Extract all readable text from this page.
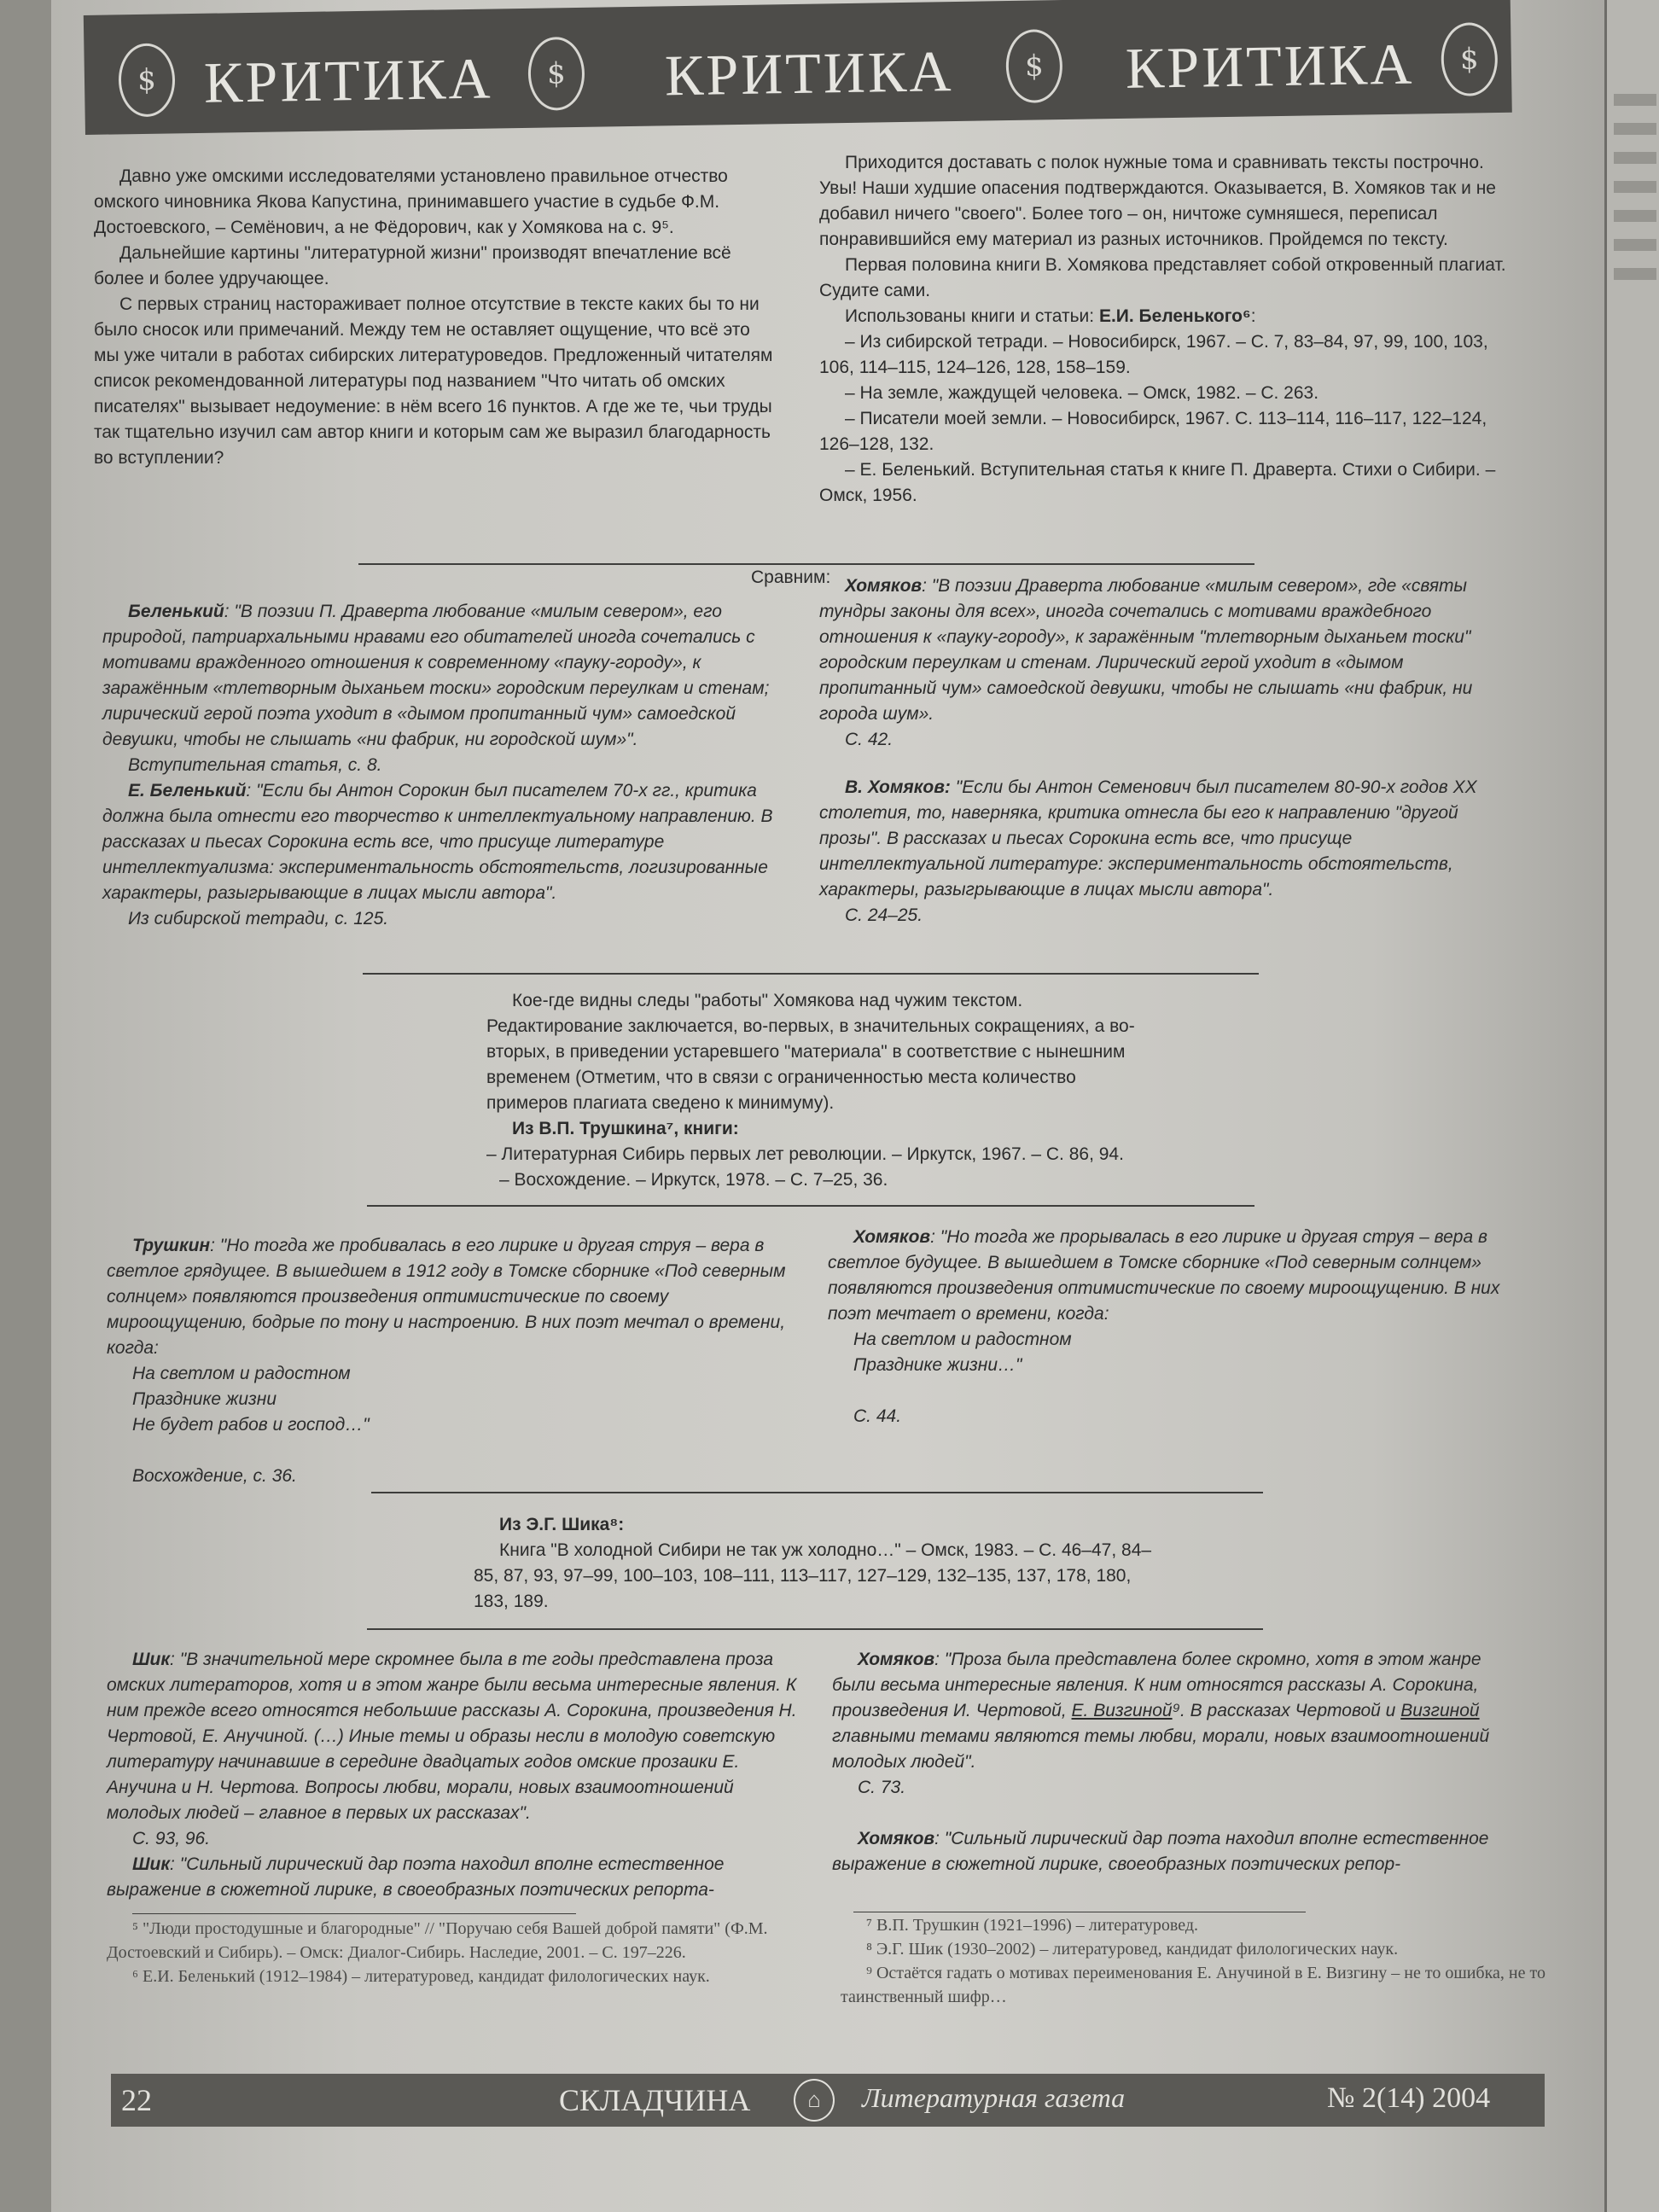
$ КРИТИКА	$	КРИТИКА	$	КРИТИКА	$

Давно уже омскими исследователями установлено правильное отчество омского чиновника Якова Капустина, принимавшего участие в судьбе Ф.М. Достоевского, – Семёнович, а не Фёдорович, как у Хомякова на с. 9⁵.

Дальнейшие картины "литературной жизни" производят впечатление всё более и более удручающее.

С первых страниц настораживает полное отсутствие в тексте каких бы то ни было сносок или примечаний. Между тем не оставляет ощущение, что всё это мы уже читали в работах сибирских литературоведов. Предложенный читателям список рекомендованной литературы под названием "Что читать об омских писателях" вызывает недоумение: в нём всего 16 пунктов. А где же те, чьи труды так тщательно изучил сам автор книги и которым сам же выразил благодарность во вступлении?

Приходится доставать с полок нужные тома и сравнивать тексты построчно. Увы! Наши худшие опасения подтверждаются. Оказывается, В. Хомяков так и не добавил ничего "своего". Более того – он, ничтоже сумняшеся, переписал понравившийся ему материал из разных источников. Пройдемся по тексту.

Первая половина книги В. Хомякова представляет собой откровенный плагиат. Судите сами.

Использованы книги и статьи: Е.И. Беленького⁶:

– Из сибирской тетради. – Новосибирск, 1967. – С. 7, 83–84, 97, 99, 100, 103, 106, 114–115, 124–126, 128, 158–159.

– На земле, жаждущей человека. – Омск, 1982. – С. 263.

– Писатели моей земли. – Новосибирск, 1967. С. 113–114, 116–117, 122–124, 126–128, 132.

– Е. Беленький. Вступительная статья к книге П. Драверта. Стихи о Сибири. – Омск, 1956.

Сравним:

Беленький: "В поэзии П. Драверта любование «милым севером», его природой, патриархальными нравами его обитателей иногда сочетались с мотивами вражденного отношения к современному «пауку-городу», к заражённым «тлетворным дыханьем тоски» городским переулкам и стенам; лирический герой поэта уходит в «дымом пропитанный чум» самоедской девушки, чтобы не слышать «ни фабрик, ни городской шум»".

Вступительная статья, с. 8.

Е. Беленький: "Если бы Антон Сорокин был писателем 70-х гг., критика должна была отнести его творчество к интеллектуальному направлению. В рассказах и пьесах Сорокина есть все, что присуще литературе интеллектуализма: экспериментальность обстоятельств, логизированные характеры, разыгрывающие в лицах мысли автора".

Из сибирской тетради, с. 125.

Хомяков: "В поэзии Драверта любование «милым севером», где «святы тундры законы для всех», иногда сочетались с мотивами враждебного отношения к «пауку-городу», к заражённым "тлетворным дыханьем тоски" городским переулкам и стенам. Лирический герой уходит в «дымом пропитанный чум» самоедской девушки, чтобы не слышать «ни фабрик, ни города шум».

С. 42.

В. Хомяков: "Если бы Антон Семенович был писателем 80-90-х годов XX столетия, то, наверняка, критика отнесла бы его к направлению "другой прозы". В рассказах и пьесах Сорокина есть все, что присуще интеллектуальной литературе: экспериментальность обстоятельств, характеры, разыгрывающие в лицах мысли автора".

С. 24–25.

Кое-где видны следы "работы" Хомякова над чужим текстом. Редактирование заключается, во-первых, в значительных сокращениях, а во-вторых, в приведении устаревшего "материала" в соответствие с нынешним временем (Отметим, что в связи с ограниченностью места количество примеров плагиата сведено к минимуму).

Из В.П. Трушкина⁷, книги:

– Литературная Сибирь первых лет революции. – Иркутск, 1967. – С. 86, 94.

– Восхождение. – Иркутск, 1978. – С. 7–25, 36.

Трушкин: "Но тогда же пробивалась в его лирике и другая струя – вера в светлое грядущее. В вышедшем в 1912 году в Томске сборнике «Под северным солнцем» появляются произведения оптимистические по своему мироощущению, бодрые по тону и настроению. В них поэт мечтал о времени, когда:

На светлом и радостном
Празднике жизни
Не будет рабов и господ…"

Восхождение, с. 36.

Хомяков: "Но тогда же прорывалась в его лирике и другая струя – вера в светлое будущее. В вышедшем в Томске сборнике «Под северным солнцем» появляются произведения оптимистические по своему мироощущению. В них поэт мечтает о времени, когда:

На светлом и радостном
Празднике жизни…"

С. 44.

Из Э.Г. Шика⁸:

Книга "В холодной Сибири не так уж холодно…" – Омск, 1983. – С. 46–47, 84–85, 87, 93, 97–99, 100–103, 108–111, 113–117, 127–129, 132–135, 137, 178, 180, 183, 189.

Шик: "В значительной мере скромнее была в те годы представлена проза омских литераторов, хотя и в этом жанре были весьма интересные явления. К ним прежде всего относятся небольшие рассказы А. Сорокина, произведения Н. Чертовой, Е. Анучиной. (…) Иные темы и образы несли в молодую советскую литературу начинавшие в середине двадцатых годов омские прозаики Е. Анучина и Н. Чертова. Вопросы любви, морали, новых взаимоотношений молодых людей – главное в первых их рассказах".

С. 93, 96.

Шик: "Сильный лирический дар поэта находил вполне естественное выражение в сюжетной лирике, в своеобразных поэтических репорта-

Хомяков: "Проза была представлена более скромно, хотя в этом жанре были весьма интересные явления. К ним относятся рассказы А. Сорокина, произведения И. Чертовой, Е. Визгиной⁹. В рассказах Чертовой и Визгиной главными темами являются темы любви, морали, новых взаимоотношений молодых людей".

С. 73.

Хомяков: "Сильный лирический дар поэта находил вполне естественное выражение в сюжетной лирике, своеобразных поэтических репор-

⁵ "Люди простодушные и благородные" // "Поручаю себя Вашей доброй памяти" (Ф.М. Достоевский и Сибирь). – Омск: Диалог-Сибирь. Наследие, 2001. – С. 197–226.

⁶ Е.И. Беленький (1912–1984) – литературовед, кандидат филологических наук.

⁷ В.П. Трушкин (1921–1996) – литературовед.

⁸ Э.Г. Шик (1930–2002) – литературовед, кандидат филологических наук.

⁹ Остаётся гадать о мотивах переименования Е. Анучиной в Е. Визгину – не то ошибка, не то таинственный шифр…

22	СКЛАДЧИНА	⌂	Литературная газета	№ 2(14) 2004
